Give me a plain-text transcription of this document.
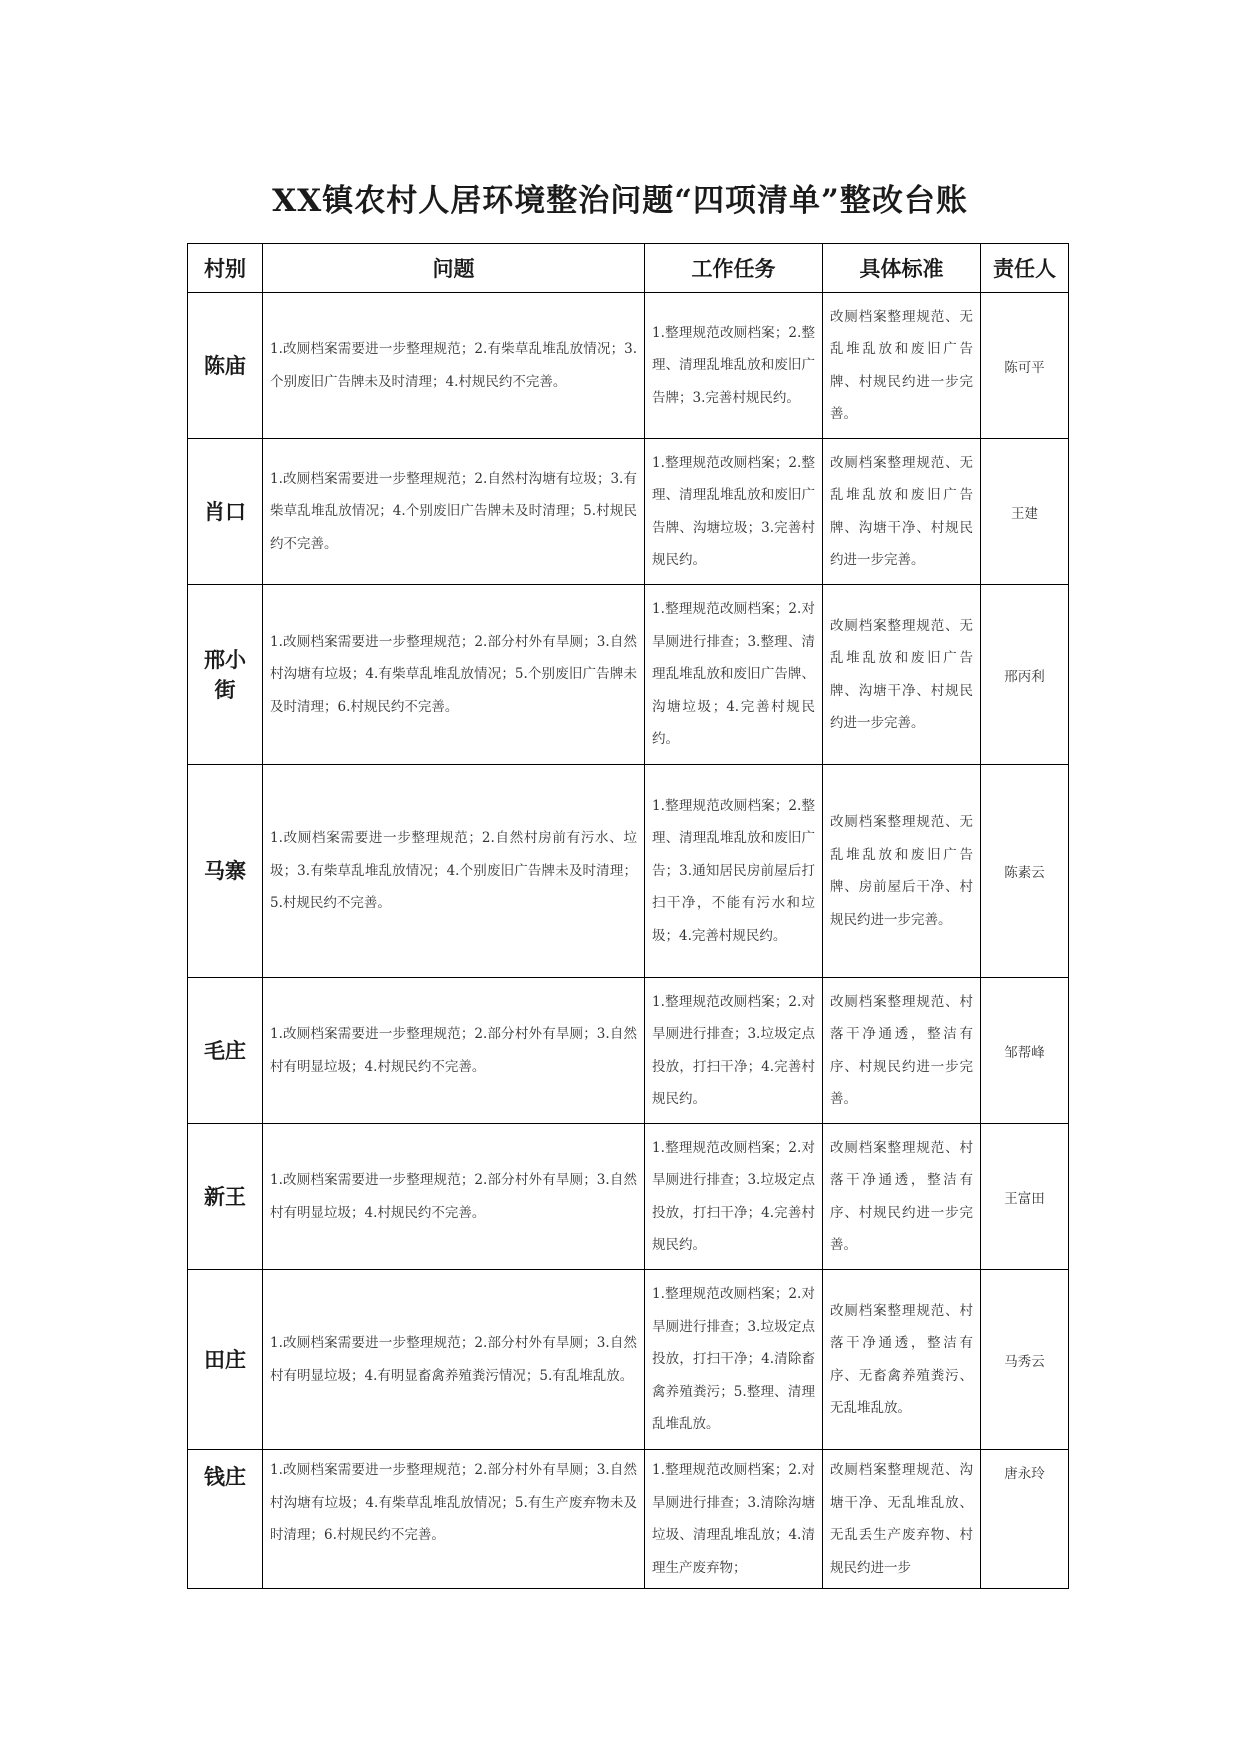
XX镇农村人居环境整治问题“四项清单”整改台账
村别	问题	工作任务	具体标准	责任人
陈庙	1.改厕档案需要进一步整理规范；2.有柴草乱堆乱放情况；3.个别废旧广告牌未及时清理；4.村规民约不完善。	1.整理规范改厕档案；2.整理、清理乱堆乱放和废旧广告牌；3.完善村规民约。	改厕档案整理规范、无乱堆乱放和废旧广告牌、村规民约进一步完善。	陈可平
肖口	1.改厕档案需要进一步整理规范；2.自然村沟塘有垃圾；3.有柴草乱堆乱放情况；4.个别废旧广告牌未及时清理；5.村规民约不完善。	1.整理规范改厕档案；2.整理、清理乱堆乱放和废旧广告牌、沟塘垃圾；3.完善村规民约。	改厕档案整理规范、无乱堆乱放和废旧广告牌、沟塘干净、村规民约进一步完善。	王建
邢小街	1.改厕档案需要进一步整理规范；2.部分村外有旱厕；3.自然村沟塘有垃圾；4.有柴草乱堆乱放情况；5.个别废旧广告牌未及时清理；6.村规民约不完善。	1.整理规范改厕档案；2.对旱厕进行排查；3.整理、清理乱堆乱放和废旧广告牌、沟塘垃圾；4.完善村规民约。	改厕档案整理规范、无乱堆乱放和废旧广告牌、沟塘干净、村规民约进一步完善。	邢丙利
马寨	1.改厕档案需要进一步整理规范；2.自然村房前有污水、垃圾；3.有柴草乱堆乱放情况；4.个别废旧广告牌未及时清理；5.村规民约不完善。	1.整理规范改厕档案；2.整理、清理乱堆乱放和废旧广告；3.通知居民房前屋后打扫干净，不能有污水和垃圾；4.完善村规民约。	改厕档案整理规范、无乱堆乱放和废旧广告牌、房前屋后干净、村规民约进一步完善。	陈素云
毛庄	1.改厕档案需要进一步整理规范；2.部分村外有旱厕；3.自然村有明显垃圾；4.村规民约不完善。	1.整理规范改厕档案；2.对旱厕进行排查；3.垃圾定点投放，打扫干净；4.完善村规民约。	改厕档案整理规范、村落干净通透，整洁有序、村规民约进一步完善。	邹帮峰
新王	1.改厕档案需要进一步整理规范；2.部分村外有旱厕；3.自然村有明显垃圾；4.村规民约不完善。	1.整理规范改厕档案；2.对旱厕进行排查；3.垃圾定点投放，打扫干净；4.完善村规民约。	改厕档案整理规范、村落干净通透，整洁有序、村规民约进一步完善。	王富田
田庄	1.改厕档案需要进一步整理规范；2.部分村外有旱厕；3.自然村有明显垃圾；4.有明显畜禽养殖粪污情况；5.有乱堆乱放。	1.整理规范改厕档案；2.对旱厕进行排查；3.垃圾定点投放，打扫干净；4.清除畜禽养殖粪污；5.整理、清理乱堆乱放。	改厕档案整理规范、村落干净通透，整洁有序、无畜禽养殖粪污、无乱堆乱放。	马秀云
钱庄	1.改厕档案需要进一步整理规范；2.部分村外有旱厕；3.自然村沟塘有垃圾；4.有柴草乱堆乱放情况；5.有生产废弃物未及时清理；6.村规民约不完善。	1.整理规范改厕档案；2.对旱厕进行排查；3.清除沟塘垃圾、清理乱堆乱放；4.清理生产废弃物；	改厕档案整理规范、沟塘干净、无乱堆乱放、无乱丢生产废弃物、村规民约进一步	唐永玲
